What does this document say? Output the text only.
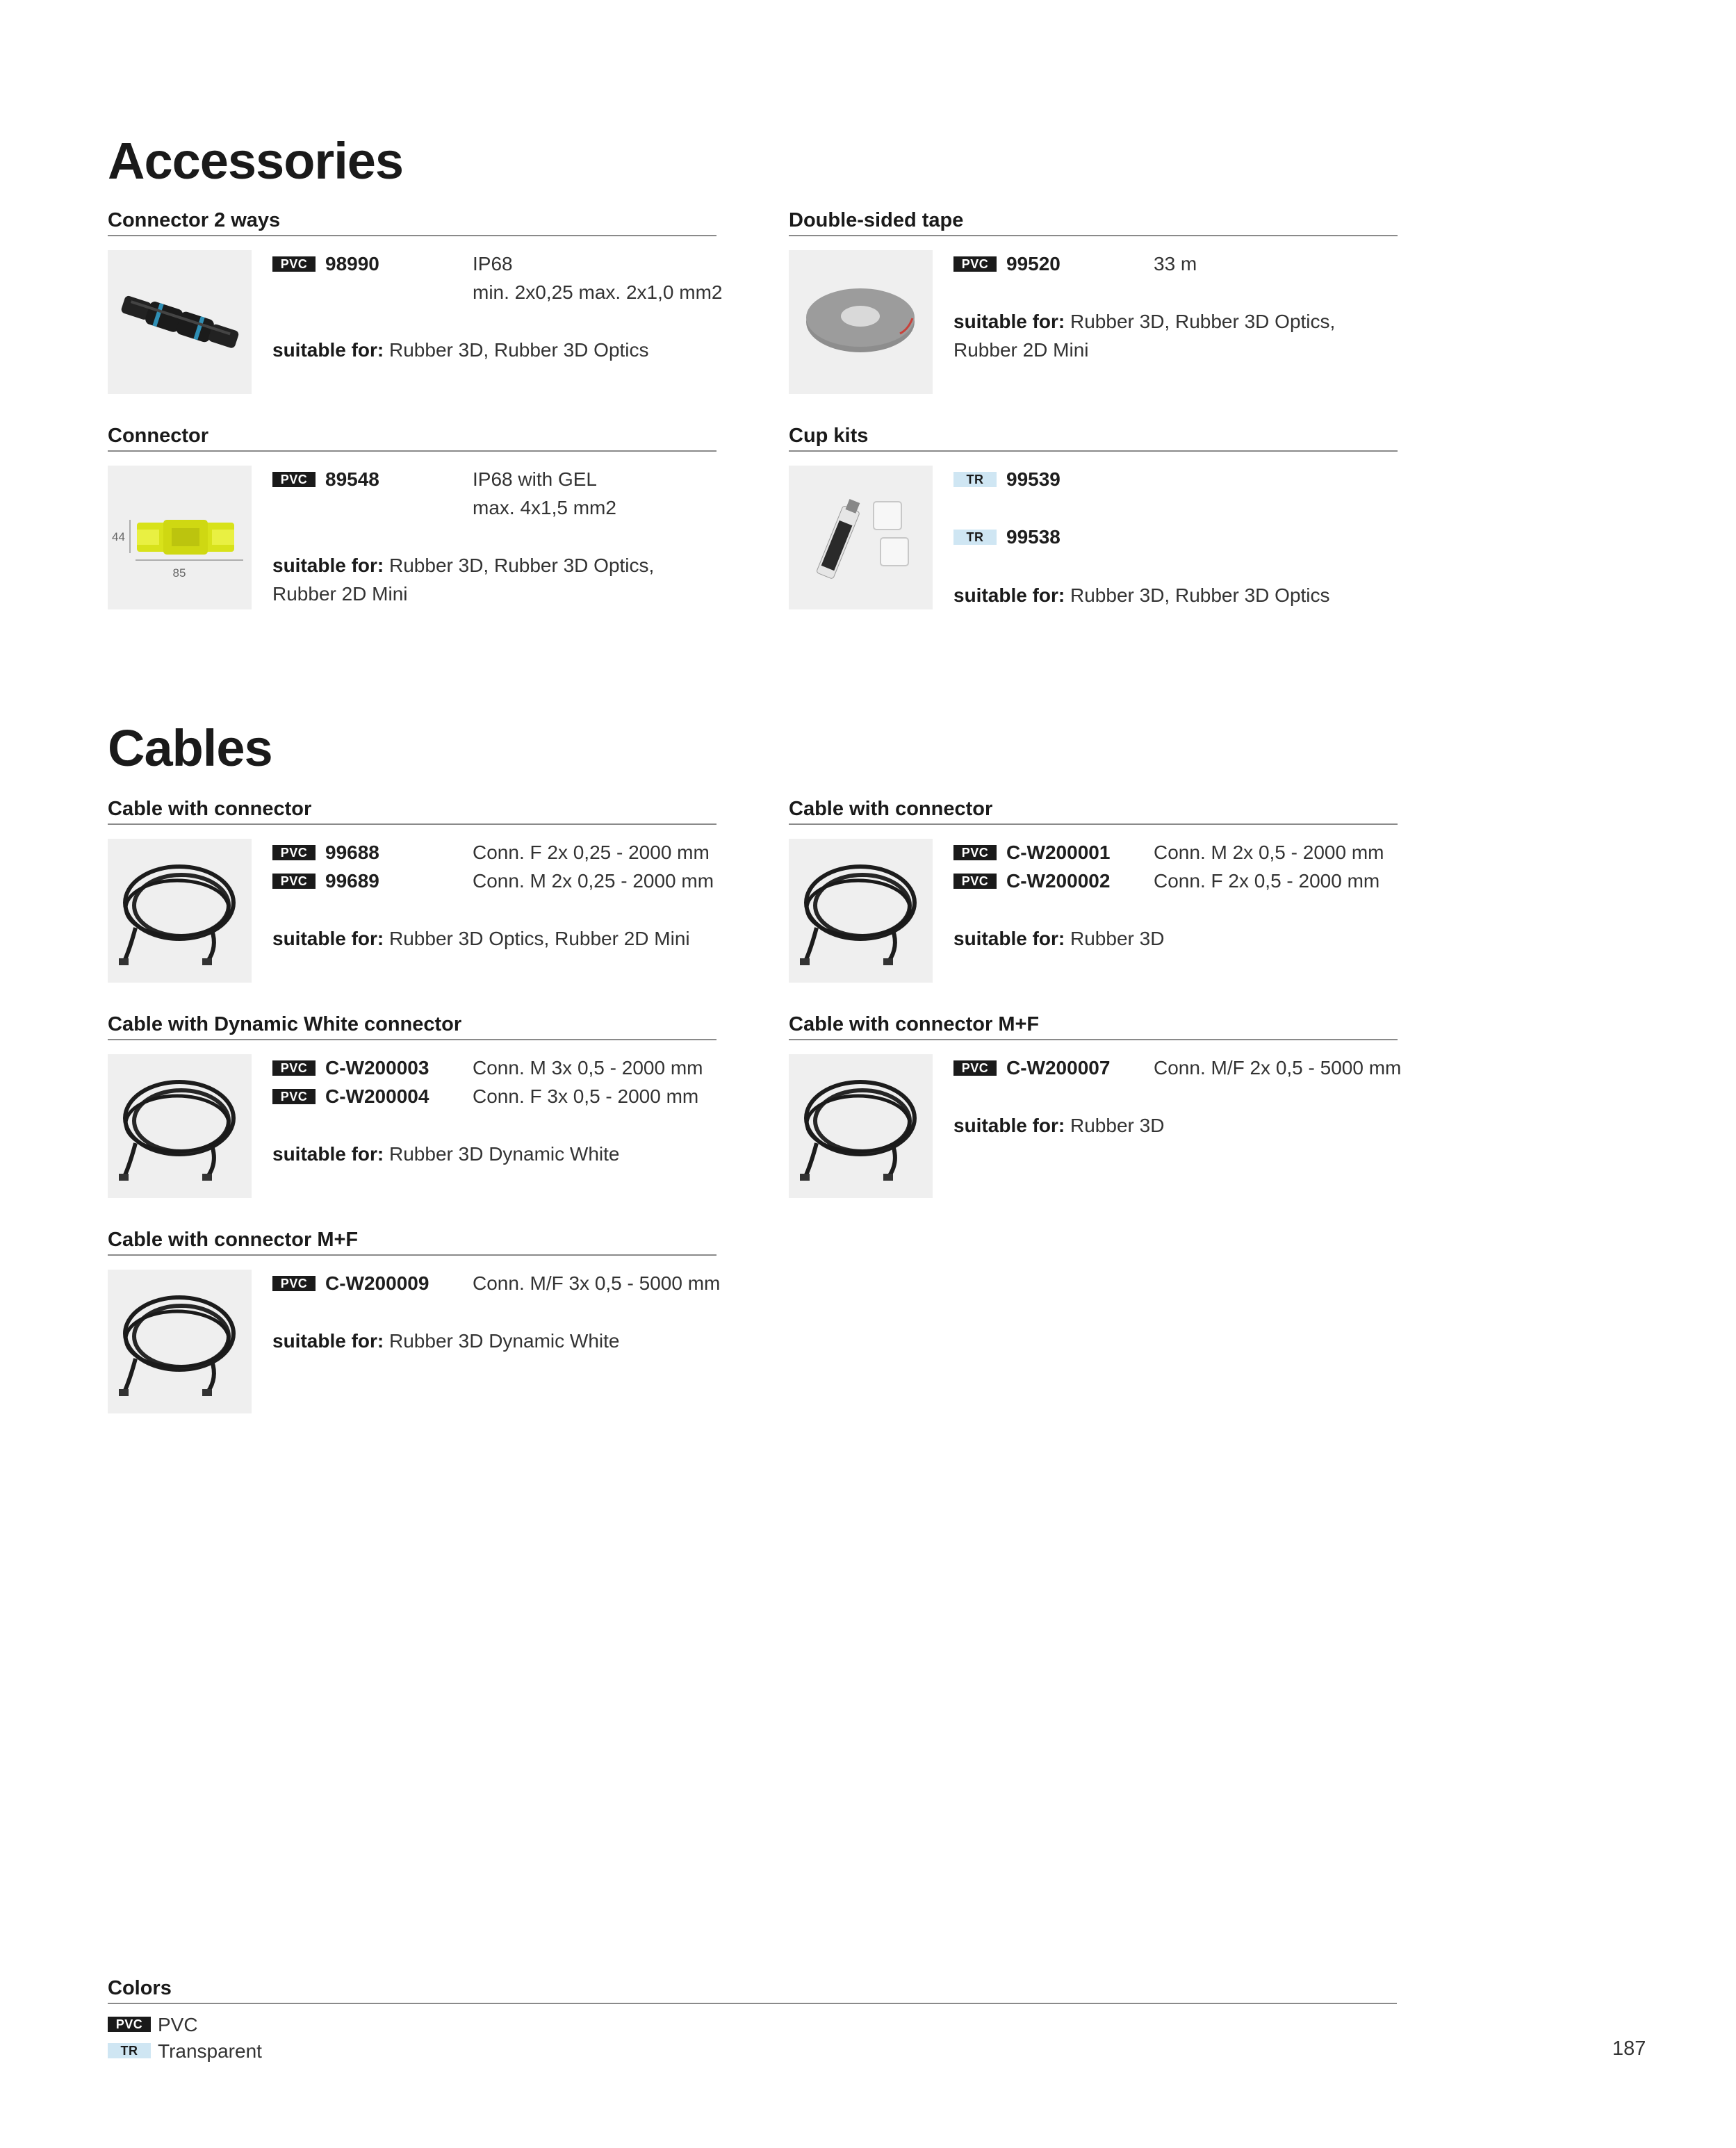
Accessories
Cables
Connector 2 ways
PVC 98990	IP68
min. 2x0,25 max. 2x1,0 mm2
suitable for: Rubber 3D, Rubber 3D Optics
Double-sided tape
PVC 99520	33 m
suitable for: Rubber 3D, Rubber 3D Optics,
Rubber 2D Mini
Connector
44
85
PVC 89548	IP68 with GEL
max. 4x1,5 mm2
suitable for: Rubber 3D, Rubber 3D Optics,
Rubber 2D Mini
Cup kits
TR	99539
TR	99538
suitable for: Rubber 3D, Rubber 3D Optics
Cable with connector
PVC 99688	Conn. F 2x 0,25 - 2000 mm
PVC 99689	Conn. M 2x 0,25 - 2000 mm
suitable for: Rubber 3D Optics, Rubber 2D Mini
Cable with connector
PVC C-W200001 Conn. M 2x 0,5 - 2000 mm
PVC C-W200002 Conn. F 2x 0,5 - 2000 mm
suitable for: Rubber 3D
Cable with Dynamic White connector
PVC C-W200003 Conn. M 3x 0,5 - 2000 mm
PVC C-W200004 Conn. F 3x 0,5 - 2000 mm
suitable for: Rubber 3D Dynamic White
Cable with connector M+F
PVC C-W200007 Conn. M/F 2x 0,5 - 5000 mm
suitable for: Rubber 3D
Cable with connector M+F
PVC C-W200009 Conn. M/F 3x 0,5 - 5000 mm
suitable for: Rubber 3D Dynamic White
Colors
PVC PVC
TR	Transparent	187
